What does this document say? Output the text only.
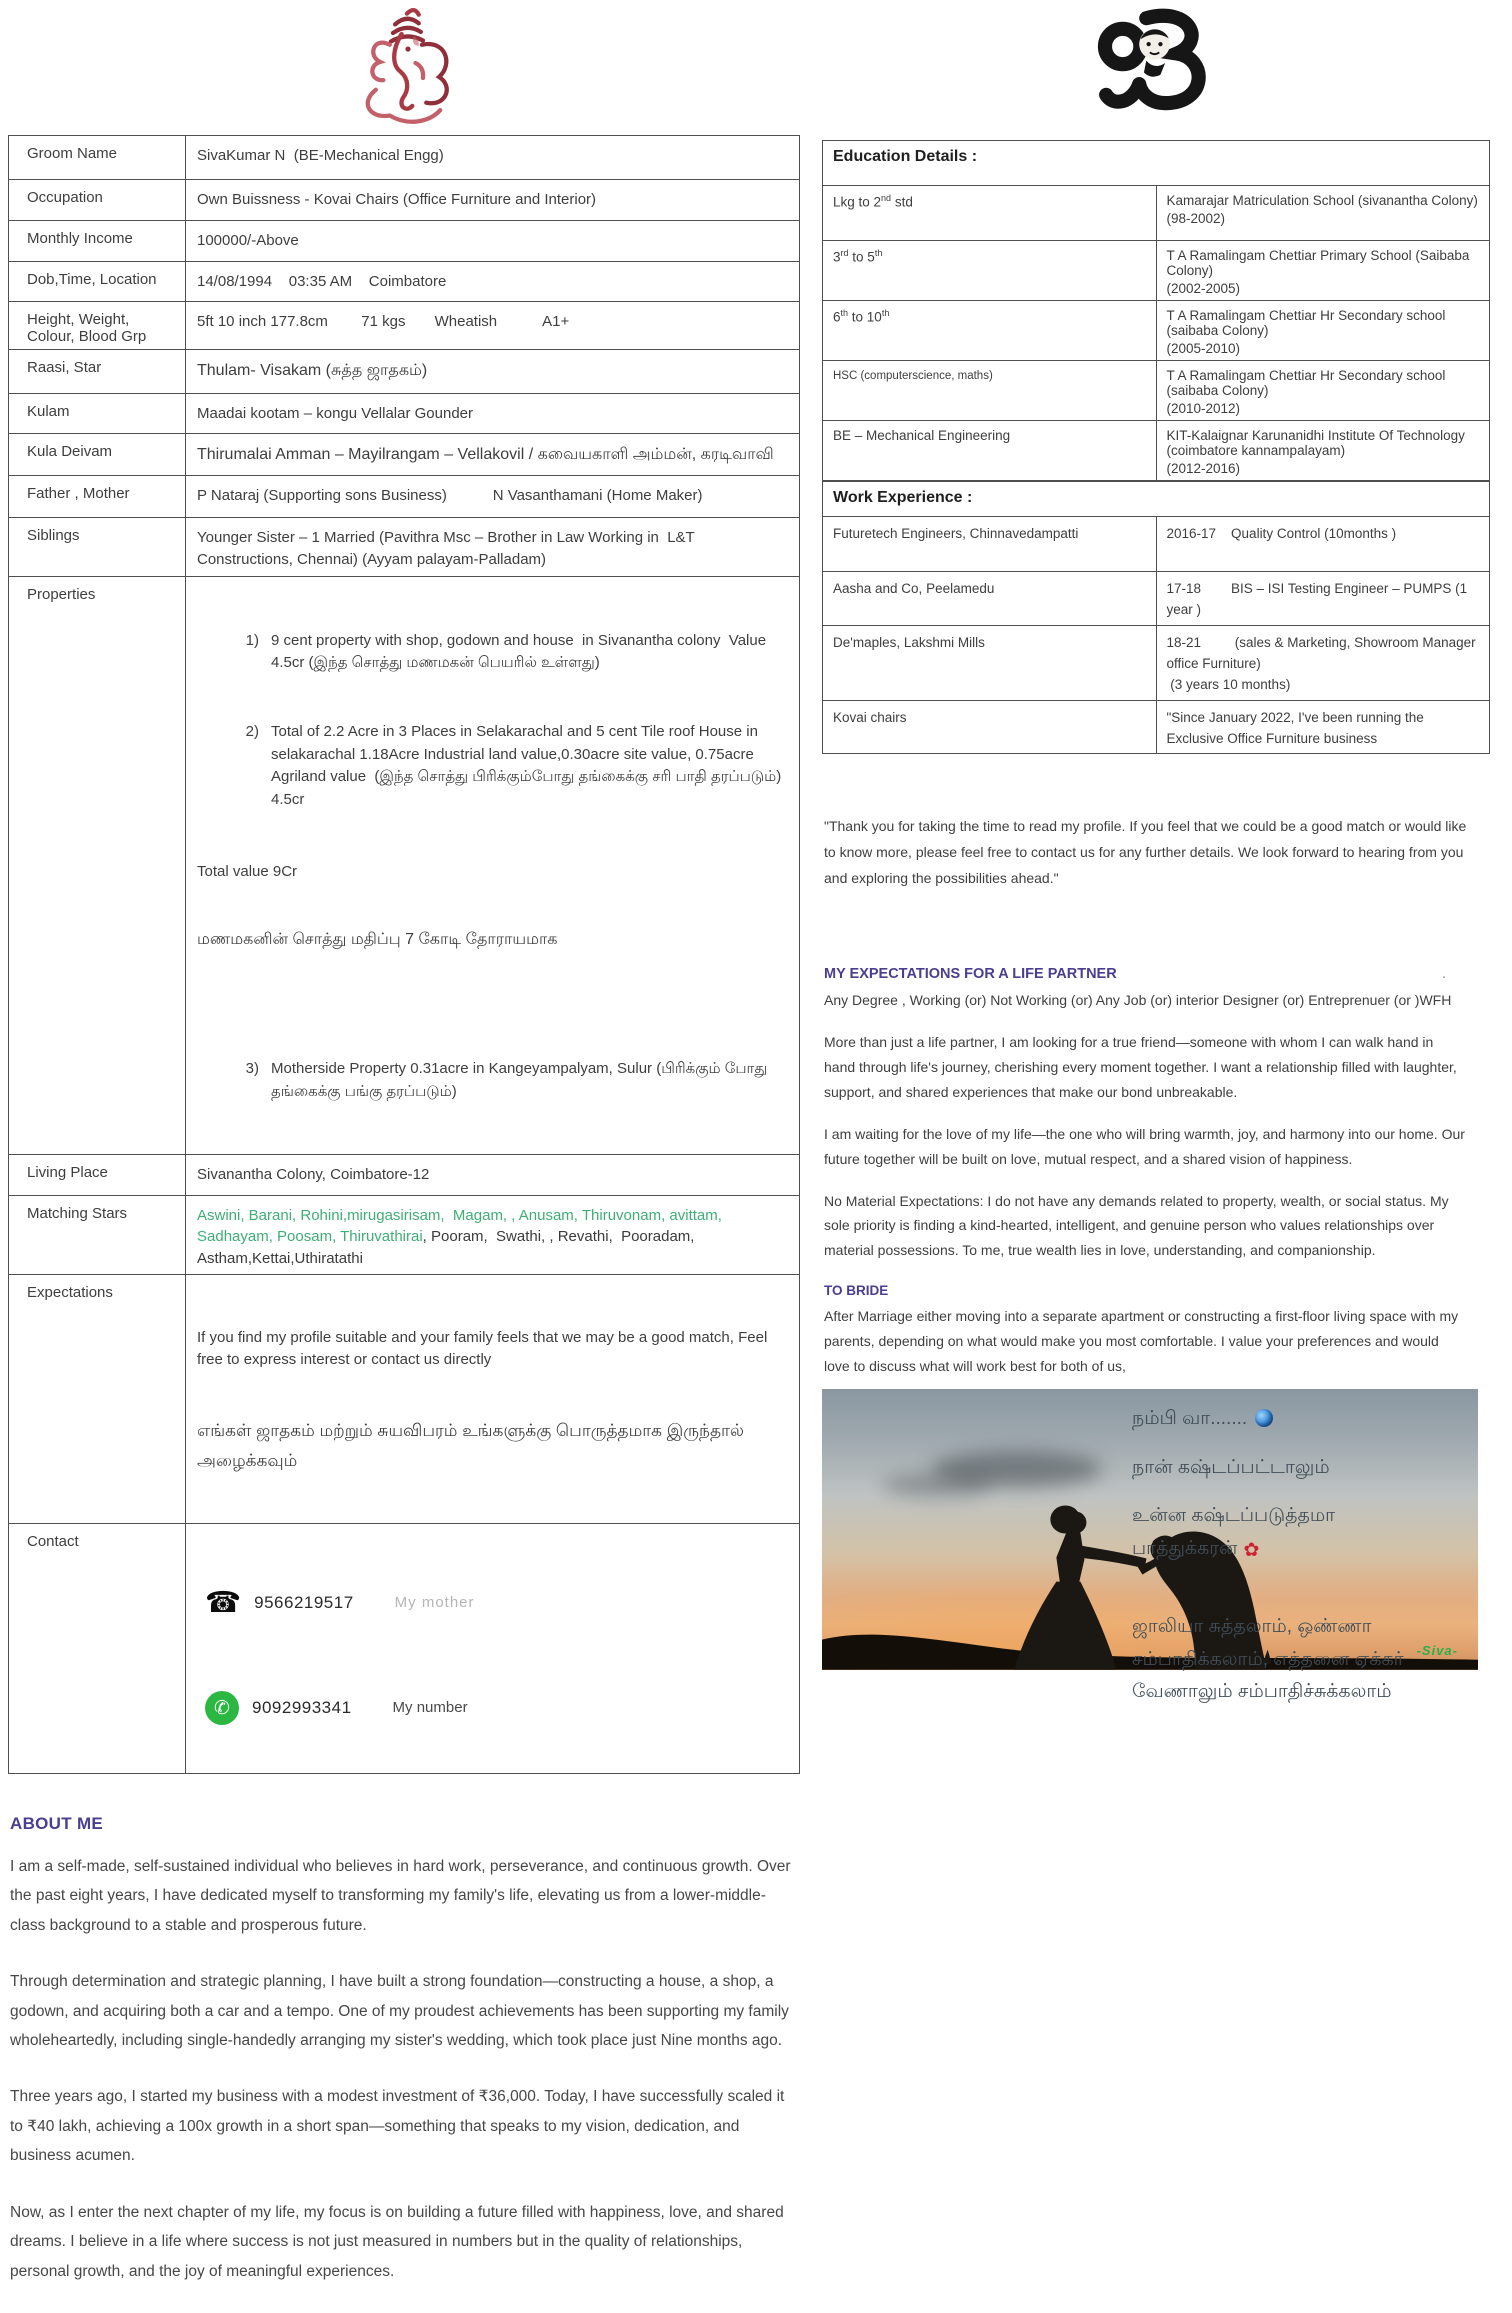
Groom Name	SivaKumar N  (BE-Mechanical Engg)
Occupation	Own Buissness - Kovai Chairs (Office Furniture and Interior)
Monthly Income	100000/-Above
Dob,Time, Location	14/08/1994    03:35 AM    Coimbatore
Height, Weight, Colour, Blood Grp	5ft 10 inch 177.8cm        71 kgs       Wheatish           A1+
Raasi, Star	Thulam- Visakam (சுத்த ஜாதகம்)
Kulam	Maadai kootam – kongu Vellalar Gounder
Kula Deivam	Thirumalai Amman – Mayilrangam – Vellakovil / கவையகாளி அம்மன், கரடிவாவி
Father , Mother	P Nataraj (Supporting sons Business)           N Vasanthamani (Home Maker)
Siblings	Younger Sister – 1 Married (Pavithra Msc – Brother in Law Working in  L&T Constructions, Chennai) (Ayyam palayam-Palladam)
Properties	

1) 9 cent property with shop, godown and house  in Sivanantha colony  Value 4.5cr (இந்த சொத்து மணமகன் பெயரில் உள்ளது)

2) Total of 2.2 Acre in 3 Places in Selakarachal and 5 cent Tile roof House in selakarachal 1.18Acre Industrial land value,0.30acre site value, 0.75acre Agriland value  (இந்த சொத்து பிரிக்கும்போது தங்கைக்கு சரி பாதி தரப்படும்) 4.5cr

Total value 9Cr

மணமகனின் சொத்து மதிப்பு 7 கோடி தோராயமாக

3) Motherside Property 0.31acre in Kangeyampalyam, Sulur (பிரிக்கும் போது தங்கைக்கு பங்கு தரப்படும்)

Living Place	Sivanantha Colony, Coimbatore-12
Matching Stars	Aswini, Barani, Rohini,mirugasirisam,  Magam, , Anusam, Thiruvonam, avittam, Sadhayam, Poosam, Thiruvathirai, Pooram,  Swathi, , Revathi,  Pooradam, Astham,Kettai,Uthiratathi
Expectations	If you find my profile suitable and your family feels that we may be a good match, Feel free to express interest or contact us directly

எங்கள் ஜாதகம் மற்றும் சுயவிபரம் உங்களுக்கு பொருத்தமாக இருந்தால் அழைக்கவும்

Contact	

☎ 9566219517	My mother

✆	9092993341	My number

ABOUT ME

I am a self-made, self-sustained individual who believes in hard work, perseverance, and continuous growth. Over the past eight years, I have dedicated myself to transforming my family's life, elevating us from a lower-middle-class background to a stable and prosperous future.

Through determination and strategic planning, I have built a strong foundation—constructing a house, a shop, a godown, and acquiring both a car and a tempo. One of my proudest achievements has been supporting my family wholeheartedly, including single-handedly arranging my sister's wedding, which took place just Nine months ago.

Three years ago, I started my business with a modest investment of ₹36,000. Today, I have successfully scaled it to ₹40 lakh, achieving a 100x growth in a short span—something that speaks to my vision, dedication, and business acumen.

Now, as I enter the next chapter of my life, my focus is on building a future filled with happiness, love, and shared dreams. I believe in a life where success is not just measured in numbers but in the quality of relationships, personal growth, and the joy of meaningful experiences.

Education Details :	
Lkg to 2nd std	Kamarajar Matriculation School (sivanantha Colony)
(98-2002)

3rd to 5th	T A Ramalingam Chettiar Primary School (Saibaba Colony)
(2002-2005)

6th to 10th	T A Ramalingam Chettiar Hr Secondary school (saibaba Colony)
(2005-2010)

HSC (computerscience, maths)	T A Ramalingam Chettiar Hr Secondary school (saibaba Colony)
(2010-2012)

BE – Mechanical Engineering	KIT-Kalaignar Karunanidhi Institute Of Technology (coimbatore kannampalayam)
(2012-2016)
Work Experience :	
Futuretech Engineers, Chinnavedampatti	2016-17    Quality Control (10months )

Aasha and Co, Peelamedu	17-18        BIS – ISI Testing Engineer – PUMPS (1 year )

De'maples, Lakshmi Mills	18-21         (sales & Marketing, Showroom Manager office Furniture)
(3 years 10 months)

Kovai chairs	"Since January 2022, I've been running the Exclusive Office Furniture business

"Thank you for taking the time to read my profile. If you feel that we could be a good match or would like to know more, please feel free to contact us for any further details. We look forward to hearing from you and exploring the possibilities ahead."

.
MY EXPECTATIONS FOR A LIFE PARTNER

Any Degree , Working (or) Not Working (or) Any Job (or) interior Designer (or) Entreprenuer (or )WFH

More than just a life partner, I am looking for a true friend—someone with whom I can walk hand in hand through life's journey, cherishing every moment together. I want a relationship filled with laughter, support, and shared experiences that make our bond unbreakable.

I am waiting for the love of my life—the one who will bring warmth, joy, and harmony into our home. Our future together will be built on love, mutual respect, and a shared vision of happiness.

No Material Expectations: I do not have any demands related to property, wealth, or social status. My sole priority is finding a kind-hearted, intelligent, and genuine person who values relationships over material possessions. To me, true wealth lies in love, understanding, and companionship.

TO BRIDE

After Marriage either moving into a separate apartment or constructing a first-floor living space with my parents, depending on what would make you most comfortable. I value your preferences and would love to discuss what will work best for both of us,

நம்பி வா.......
நான் கஷ்டப்பட்டாலும்
உன்ன கஷ்டப்படுத்தமா
பாத்துக்கரன் ✿
ஜாலியா சுத்தலாம், ஒண்ணா
சம்பாதிக்கலாம், எத்தனை ஏக்கர்
வேணாலும் சம்பாதிச்சுக்கலாம்
-Siva-
